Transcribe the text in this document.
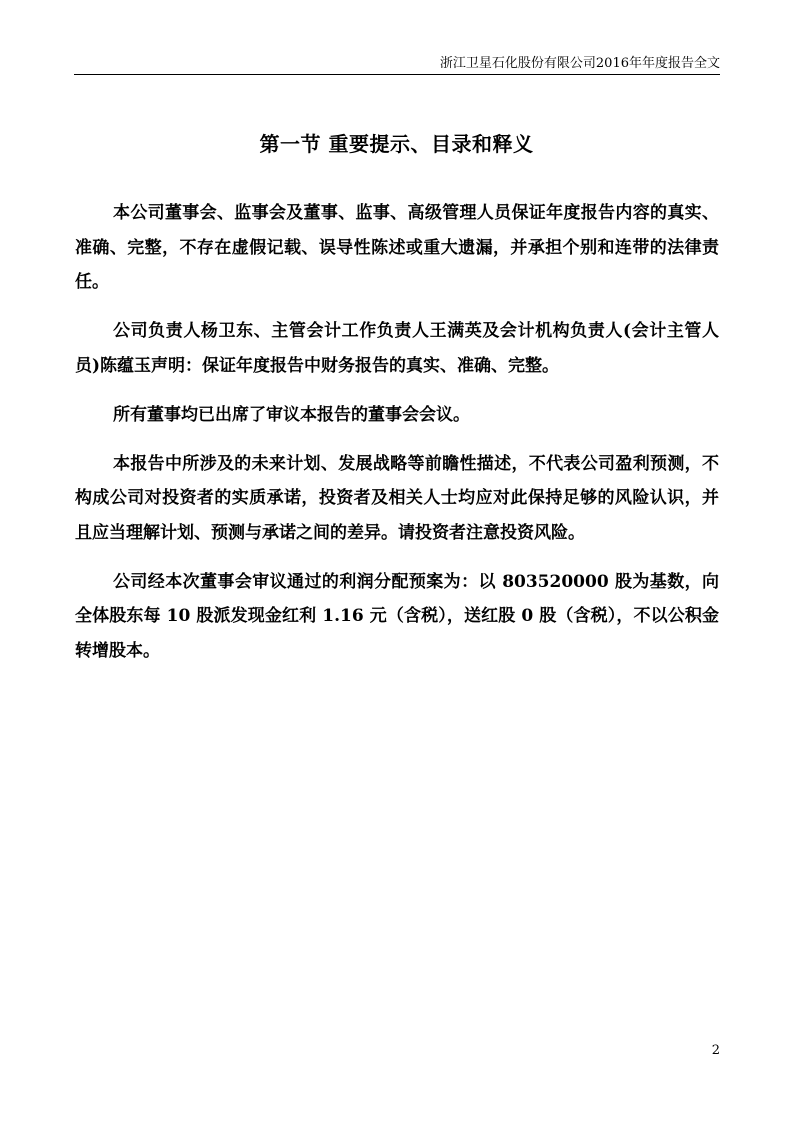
浙江卫星石化股份有限公司2016年年度报告全文
第一节 重要提示、目录和释义

本公司董事会、监事会及董事、监事、高级管理人员保证年度报告内容的真实、准确、完整，不存在虚假记载、误导性陈述或重大遗漏，并承担个别和连带的法律责任。

公司负责人杨卫东、主管会计工作负责人王满英及会计机构负责人(会计主管人员)陈蕴玉声明：保证年度报告中财务报告的真实、准确、完整。

所有董事均已出席了审议本报告的董事会会议。

本报告中所涉及的未来计划、发展战略等前瞻性描述，不代表公司盈利预测，不构成公司对投资者的实质承诺，投资者及相关人士均应对此保持足够的风险认识，并且应当理解计划、预测与承诺之间的差异。请投资者注意投资风险。

公司经本次董事会审议通过的利润分配预案为：以 803520000 股为基数，向全体股东每 10 股派发现金红利 1.16 元（含税），送红股 0 股（含税），不以公积金转增股本。

2
